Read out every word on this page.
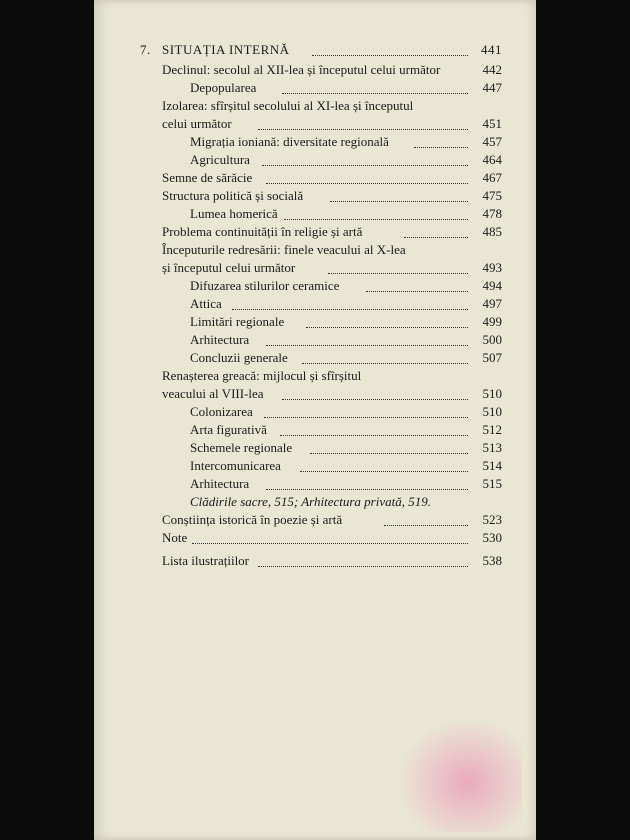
7. SITUAȚIA INTERNĂ	441
Declinul: secolul al XII-lea și începutul celui următor	442
Depopularea	447
Izolarea: sfîrșitul secolului al XI-lea și începutul
celui următor	451
Migrația ioniană: diversitate regională	457
Agricultura	464
Semne de sărăcie	467
Structura politică și socială	475
Lumea homerică	478
Problema continuității în religie și artă	485
Începuturile redresării: finele veacului al X-lea
și începutul celui următor	493
Difuzarea stilurilor ceramice	494
Attica	497
Limitări regionale	499
Arhitectura	500
Concluzii generale	507
Renașterea greacă: mijlocul și sfîrșitul
veacului al VIII-lea	510
Colonizarea	510
Arta figurativă	512
Schemele regionale	513
Intercomunicarea	514
Arhitectura	515
Clădirile sacre, 515; Arhitectura privată, 519.
Conștiința istorică în poezie și artă	523
Note	530
Lista ilustrațiilor	538
